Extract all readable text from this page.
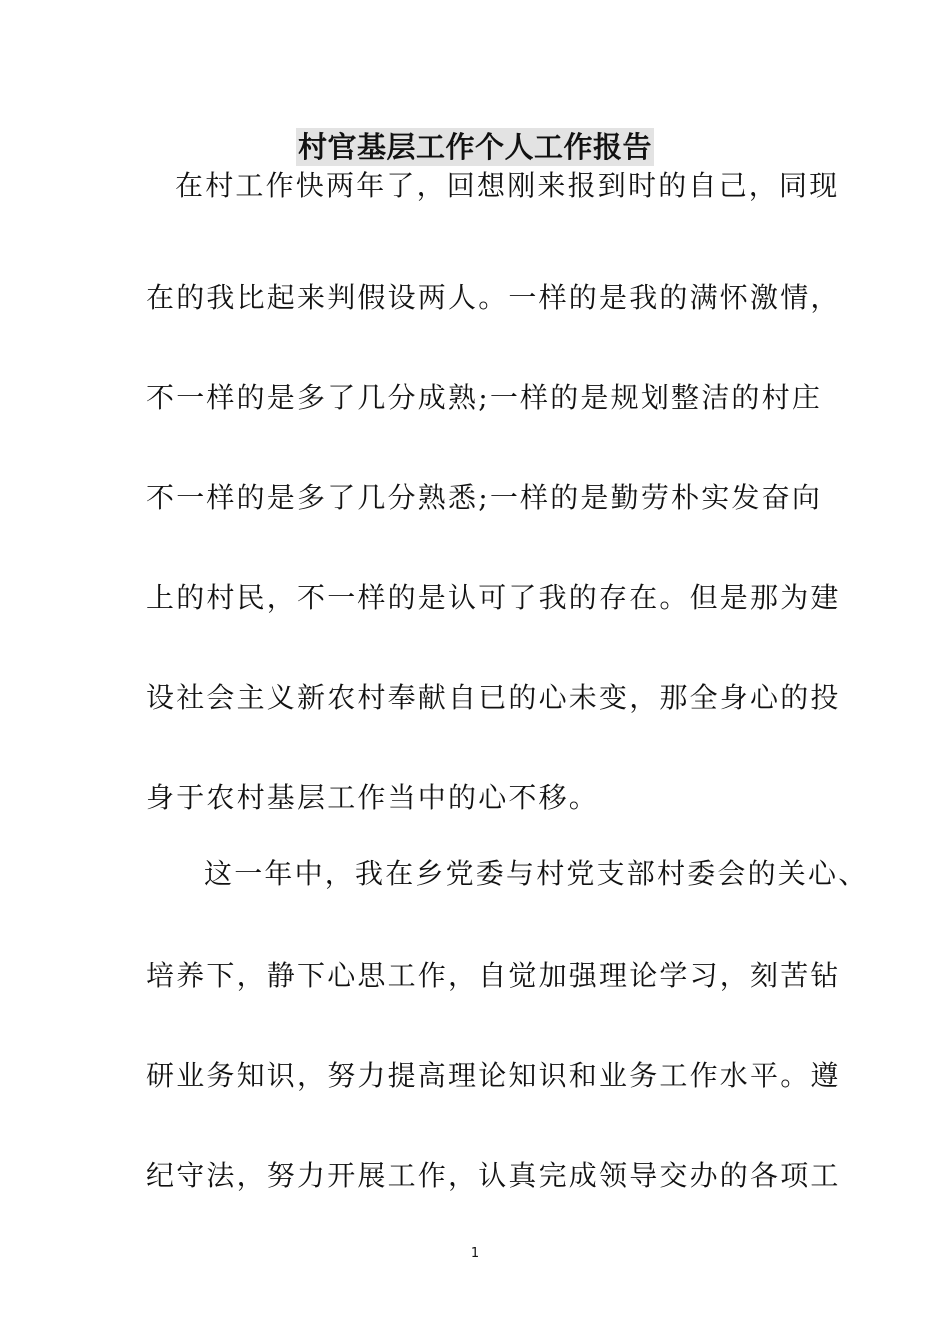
村官基层工作个人工作报告
在村工作快两年了，回想刚来报到时的自己，同现
在的我比起来判假设两人。一样的是我的满怀激情，
不一样的是多了几分成熟;一样的是规划整洁的村庄
不一样的是多了几分熟悉;一样的是勤劳朴实发奋向
上的村民，不一样的是认可了我的存在。但是那为建
设社会主义新农村奉献自已的心未变，那全身心的投
身于农村基层工作当中的心不移。
这一年中，我在乡党委与村党支部村委会的关心、
培养下，静下心思工作，自觉加强理论学习，刻苦钻
研业务知识，努力提高理论知识和业务工作水平。遵
纪守法，努力开展工作，认真完成领导交办的各项工
1
